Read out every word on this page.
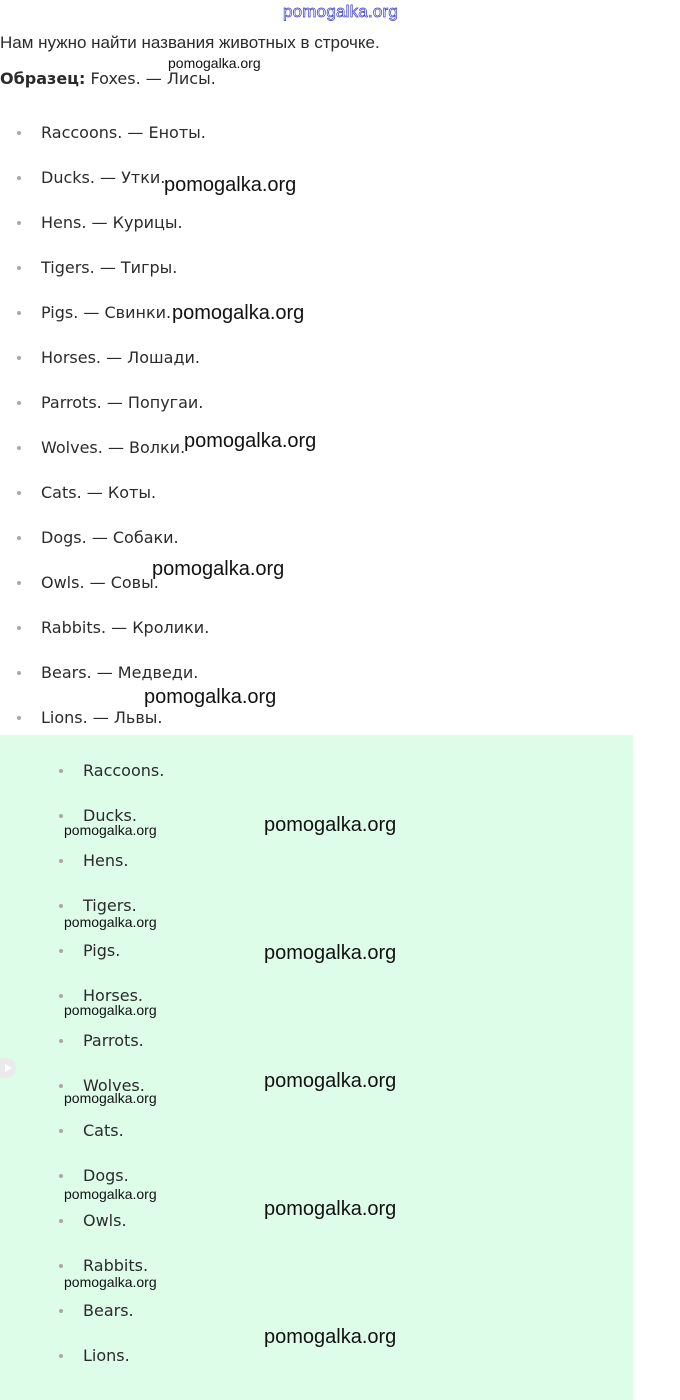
pomogalka.org
Нам нужно найти названия животных в строчке.
Образец: Foxes. — Лисы.
pomogalka.org
Raccoons. — Еноты.
Ducks. — Утки.
Hens. — Курицы.
Tigers. — Тигры.
Pigs. — Свинки.
Horses. — Лошади.
Parrots. — Попугаи.
Wolves. — Волки.
Cats. — Коты.
Dogs. — Собаки.
Owls. — Совы.
Rabbits. — Кролики.
Bears. — Медведи.
Lions. — Львы.
Raccoons.
Ducks.
Hens.
Tigers.
Pigs.
Horses.
Parrots.
Wolves.
Cats.
Dogs.
Owls.
Rabbits.
Bears.
Lions.
pomogalka.org
pomogalka.org
pomogalka.org
pomogalka.org
pomogalka.org
pomogalka.org
pomogalka.org
pomogalka.org
pomogalka.org
pomogalka.org
pomogalka.org
pomogalka.org
pomogalka.org
pomogalka.org
pomogalka.org
pomogalka.org
